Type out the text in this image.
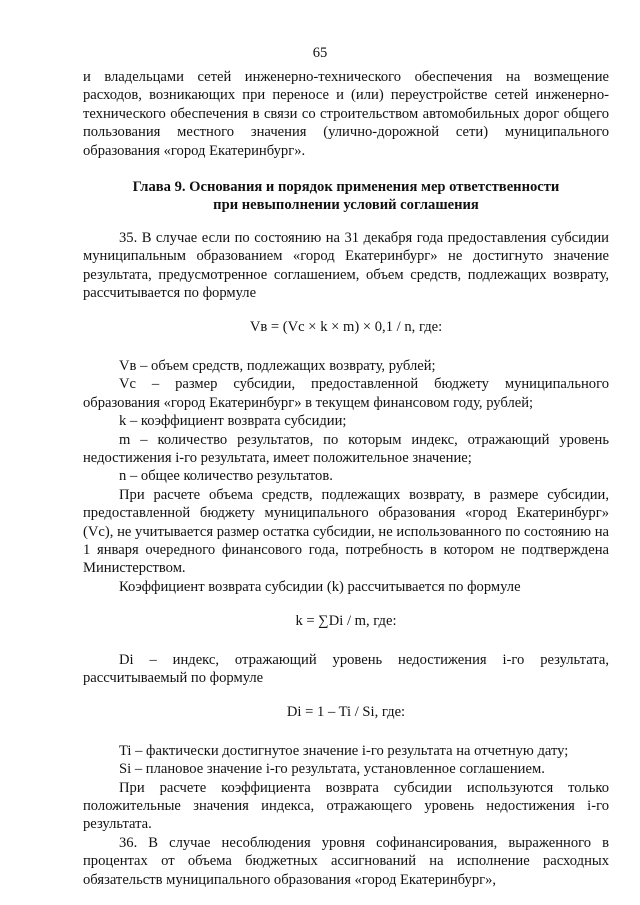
65

и владельцами сетей инженерно-технического обеспечения на возмещение расходов, возникающих при переносе и (или) переустройстве сетей инженерно-технического обеспечения в связи со строительством автомобильных дорог общего пользования местного значения (улично-дорожной сети) муниципального образования «город Екатеринбург».

Глава 9. Основания и порядок применения мер ответственности
при невыполнении условий соглашения

35. В случае если по состоянию на 31 декабря года предоставления субсидии муниципальным образованием «город Екатеринбург» не достигнуто значение результата, предусмотренное соглашением, объем средств, подлежащих возврату, рассчитывается по формуле

Vв = (Vс × k × m) × 0,1 / n, где:

Vв – объем средств, подлежащих возврату, рублей;

Vс – размер субсидии, предоставленной бюджету муниципального образования «город Екатеринбург» в текущем финансовом году, рублей;

k – коэффициент возврата субсидии;

m – количество результатов, по которым индекс, отражающий уровень недостижения i-го результата, имеет положительное значение;

n – общее количество результатов.

При расчете объема средств, подлежащих возврату, в размере субсидии, предоставленной бюджету муниципального образования «город Екатеринбург» (Vс), не учитывается размер остатка субсидии, не использованного по состоянию на 1 января очередного финансового года, потребность в котором не подтверждена Министерством.

Коэффициент возврата субсидии (k) рассчитывается по формуле

k = ∑Di / m, где:

Di – индекс, отражающий уровень недостижения i-го результата, рассчитываемый по формуле

Di = 1 – Ti / Si, где:

Ti – фактически достигнутое значение i-го результата на отчетную дату;

Si – плановое значение i-го результата, установленное соглашением.

При расчете коэффициента возврата субсидии используются только положительные значения индекса, отражающего уровень недостижения i-го результата.

36. В случае несоблюдения уровня софинансирования, выраженного в процентах от объема бюджетных ассигнований на исполнение расходных обязательств муниципального образования «город Екатеринбург»,
